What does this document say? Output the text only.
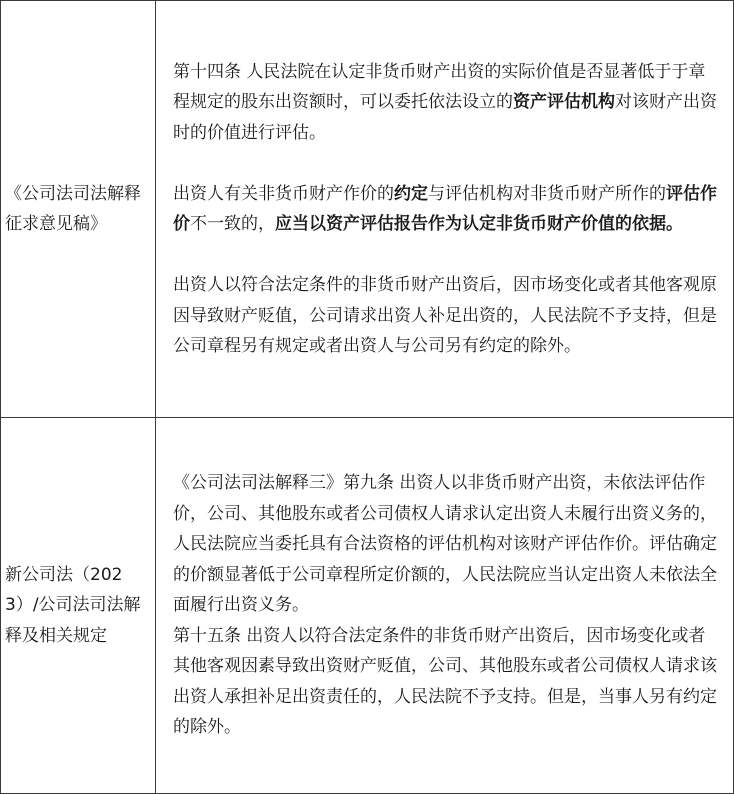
《公司法司法解释征求意见稿》	第十四条 人民法院在认定非货币财产出资的实际价值是否显著低于于章程规定的股东出资额时，可以委托依法设立的资产评估机构对该财产出资时的价值进行评估。

出资人有关非货币财产作价的约定与评估机构对非货币财产所作的评估作价不一致的，应当以资产评估报告作为认定非货币财产价值的依据。

出资人以符合法定条件的非货币财产出资后，因市场变化或者其他客观原因导致财产贬值，公司请求出资人补足出资的，人民法院不予支持，但是公司章程另有规定或者出资人与公司另有约定的除外。

新公司法（2023）/公司法司法解释及相关规定	《公司法司法解释三》第九条 出资人以非货币财产出资，未依法评估作价，公司、其他股东或者公司债权人请求认定出资人未履行出资义务的，人民法院应当委托具有合法资格的评估机构对该财产评估作价。评估确定的价额显著低于公司章程所定价额的，人民法院应当认定出资人未依法全面履行出资义务。

第十五条 出资人以符合法定条件的非货币财产出资后，因市场变化或者其他客观因素导致出资财产贬值，公司、其他股东或者公司债权人请求该出资人承担补足出资责任的，人民法院不予支持。但是，当事人另有约定的除外。
